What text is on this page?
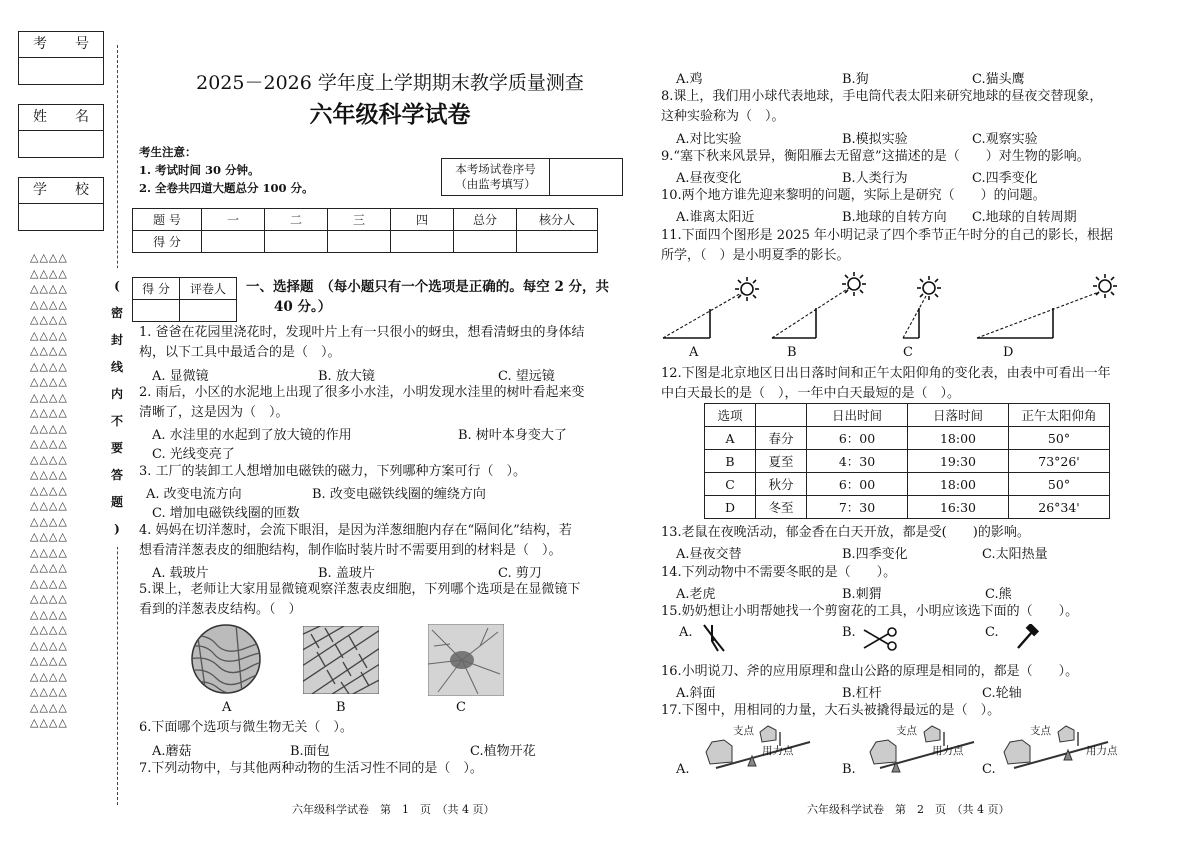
考　　号
姓　　名
学　　校
△△△△
△△△△
△△△△
△△△△
△△△△
△△△△
△△△△
△△△△
△△△△
△△△△
△△△△
△△△△
△△△△
△△△△
△△△△
△△△△
△△△△
△△△△
△△△△
△△△△
△△△△
△△△△
△△△△
△△△△
△△△△
△△△△
△△△△
△△△△
△△△△
△△△△
△△△△
(
密
封
线
内
不
要
答
题
)
2025－2026 学年度上学期期末教学质量测查
六年级科学试卷
考生注意：
1. 考试时间 30 分钟。
2. 全卷共四道大题总分 100 分。
本考场试卷序号
（由监考填写）

题 号	一	二	三	四	总分	核分人
得 分						
得 分	评卷人
	一、选择题　（每小题只有一个选项是正确的。每空 2 分，共
40 分。）
1. 爸爸在花园里浇花时，发现叶片上有一只很小的蚜虫，想看清蚜虫的身体结
构，以下工具中最适合的是（　）。
A. 显微镜	B. 放大镜	C. 望远镜
2. 雨后，小区的水泥地上出现了很多小水洼，小明发现水洼里的树叶看起来变
清晰了，这是因为（　）。
A. 水洼里的水起到了放大镜的作用	B. 树叶本身变大了
C. 光线变亮了
3. 工厂的装卸工人想增加电磁铁的磁力，下列哪种方案可行（　）。
A. 改变电流方向	B. 改变电磁铁线圈的缠绕方向
C. 增加电磁铁线圈的匝数
4. 妈妈在切洋葱时，会流下眼泪，是因为洋葱细胞内存在“隔间化”结构，若
想看清洋葱表皮的细胞结构，制作临时装片时不需要用到的材料是（　）。
A. 载玻片	B. 盖玻片	C. 剪刀
5.课上，老师让大家用显微镜观察洋葱表皮细胞，下列哪个选项是在显微镜下
看到的洋葱表皮结构。（　）
A	B	C
6.下面哪个选项与微生物无关（　）。
A.蘑菇	B.面包	C.植物开花
7.下列动物中，与其他两种动物的生活习性不同的是（　）。
六年级科学试卷　第　1　页　（共 4 页）
A.鸡	B.狗	C.猫头鹰
8.课上，我们用小球代表地球，手电筒代表太阳来研究地球的昼夜交替现象，
这种实验称为（　）。
A.对比实验	B.模拟实验	C.观察实验
9.“塞下秋来风景异，衡阳雁去无留意”这描述的是（　　）对生物的影响。
A.昼夜变化	B.人类行为	C.四季变化
10.两个地方谁先迎来黎明的问题，实际上是研究（　　）的问题。
A.谁离太阳近	B.地球的自转方向 C.地球的自转周期
11.下面四个图形是 2025 年小明记录了四个季节正午时分的自己的影长，根据
所学，（　）是小明夏季的影长。
A	B	C	D
12.下图是北京地区日出日落时间和正午太阳仰角的变化表，由表中可看出一年
中白天最长的是（　），一年中白天最短的是（　）。
选项		日出时间	日落时间	正午太阳仰角
A	春分	6：00	18:00	50°
B	夏至	4：30	19:30	73°26'
C	秋分	6：00	18:00	50°
D	冬至	7：30	16:30	26°34'
13.老鼠在夜晚活动，郁金香在白天开放，都是受(　　)的影响。
A.昼夜交替	B.四季变化	C.太阳热量
14.下列动物中不需要冬眠的是（　　）。
A.老虎	B.刺猬	C.熊
15.奶奶想让小明帮她找一个剪窗花的工具，小明应该选下面的（　　）。
A.	B.	C.
16.小明说刀、斧的应用原理和盘山公路的原理是相同的，都是（　　）。
A.斜面	B.杠杆	C.轮轴
17.下图中，用相同的力量，大石头被撬得最远的是（　）。
A.
支点
用力点
B.
支点
用力点
C.
支点
用力点
六年级科学试卷　第　2　页　（共 4 页）
